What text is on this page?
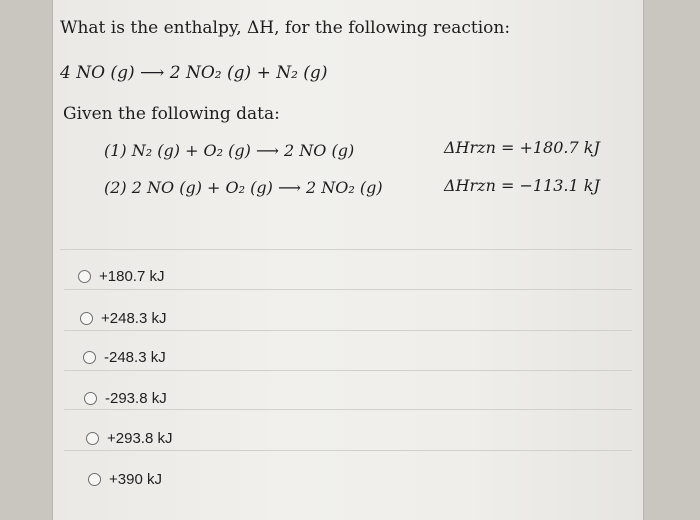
What is the enthalpy, ΔH, for the following reaction:
4 NO (g) ⟶ 2 NO₂ (g) + N₂ (g)
Given the following data:
(1) N₂ (g) + O₂ (g) ⟶ 2 NO (g)	ΔHrzn = +180.7 kJ
(2) 2 NO (g) + O₂ (g) ⟶ 2 NO₂ (g)	ΔHrzn = −113.1 kJ
+180.7 kJ
+248.3 kJ
-248.3 kJ
-293.8 kJ
+293.8 kJ
+390 kJ
